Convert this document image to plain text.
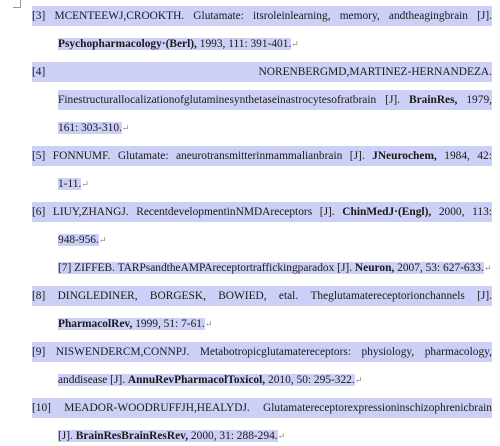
[3] MCENTEEWJ,CROOKTH. Glutamate: itsroleinlearning, memory, andtheagingbrain [J].
Psychopharmacology·(Berl), 1993, 111: 391-401.↵
[4]	NORENBERGMD,MARTINEZ-HERNANDEZA.
Finestructurallocalizationofglutaminesynthetaseinastrocytesofratbrain [J]. BrainRes, 1979,
161: 303-310.↵
[5] FONNUMF. Glutamate: aneurotransmitterinmammalianbrain [J]. JNeurochem, 1984, 42:
1-11.↵
[6] LIUY,ZHANGJ. RecentdevelopmentinNMDAreceptors [J]. ChinMedJ·(Engl), 2000, 113:
948-956.↵
[7] ZIFFEB. TARPsandtheAMPAreceptortraffickingparadox [J]. Neuron, 2007, 53: 627-633.↵
[8] DINGLEDINER, BORGESK, BOWIED, etal. Theglutamatereceptorionchannels [J].
PharmacolRev, 1999, 51: 7-61.↵
[9] NISWENDERCM,CONNPJ. Metabotropicglutamatereceptors: physiology, pharmacology,
anddisease [J]. AnnuRevPharmacolToxicol, 2010, 50: 295-322.↵
[10] MEADOR-WOODRUFFJH,HEALYDJ. Glutamatereceptorexpressioninschizophrenicbrain
[J]. BrainResBrainResRev, 2000, 31: 288-294.↵
